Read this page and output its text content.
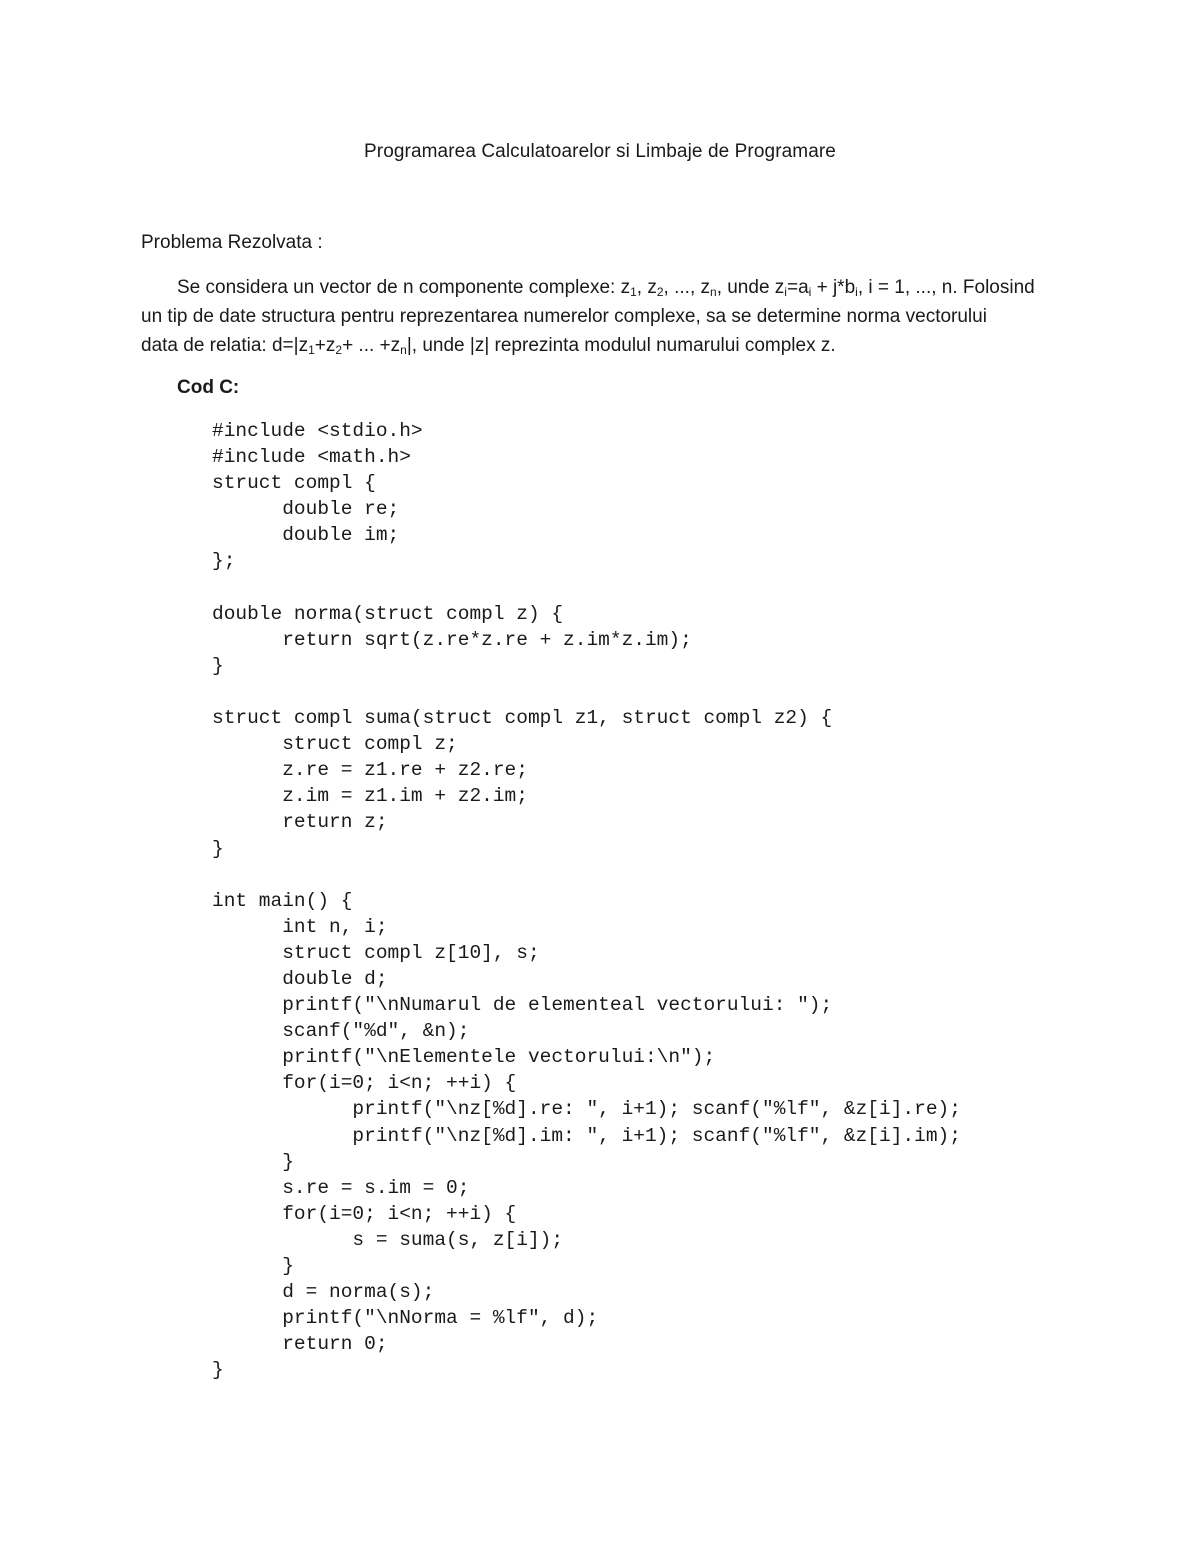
Programarea Calculatoarelor si Limbaje de Programare
Problema Rezolvata :
Se considera un vector de n componente complexe: $z_1$, $z_2$, ..., $z_n$, unde $z_i=a_i + j*b_i$, i = 1, ..., n. Folosind
un tip de date structura pentru reprezentarea numerelor complexe, sa se determine norma vectorului
data de relatia: $d=|z_1+z_2+$ ... $+z_n|$, unde |z| reprezinta modulul numarului complex z.
Cod C:
#include <stdio.h>
#include <math.h>
struct compl {
double re;
double im;
};

double norma(struct compl z) {
return sqrt(z.re*z.re + z.im*z.im);
}

struct compl suma(struct compl z1, struct compl z2) {
struct compl z;
z.re = z1.re + z2.re;
z.im = z1.im + z2.im;
return z;
}

int main() {
int n, i;
struct compl z[10], s;
double d;
printf("\nNumarul de elementeal vectorului: ");
scanf("%d", &n);
printf("\nElementele vectorului:\n");
for(i=0; i<n; ++i) {
printf("\nz[%d].re: ", i+1); scanf("%lf", &z[i].re);
printf("\nz[%d].im: ", i+1); scanf("%lf", &z[i].im);
}
s.re = s.im = 0;
for(i=0; i<n; ++i) {
s = suma(s, z[i]);
}
d = norma(s);
printf("\nNorma = %lf", d);
return 0;
}
